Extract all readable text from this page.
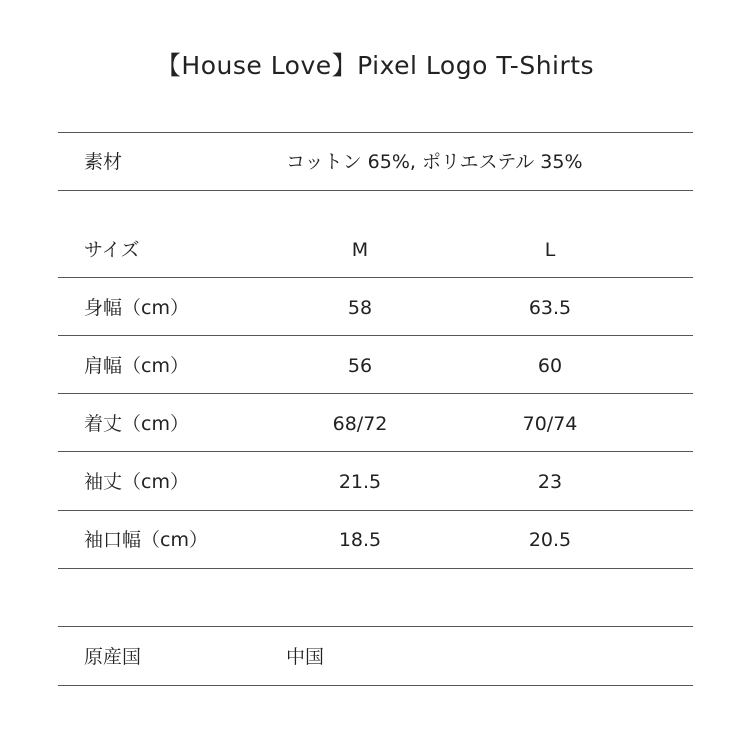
【House Love】Pixel Logo T-Shirts
素材	コットン 65%, ポリエステル 35%
サイズ	M	L
身幅（cm）	58	63.5
肩幅（cm）	56	60
着丈（cm）	68/72	70/74
袖丈（cm）	21.5	23
袖口幅（cm）	18.5	20.5
原産国	中国
